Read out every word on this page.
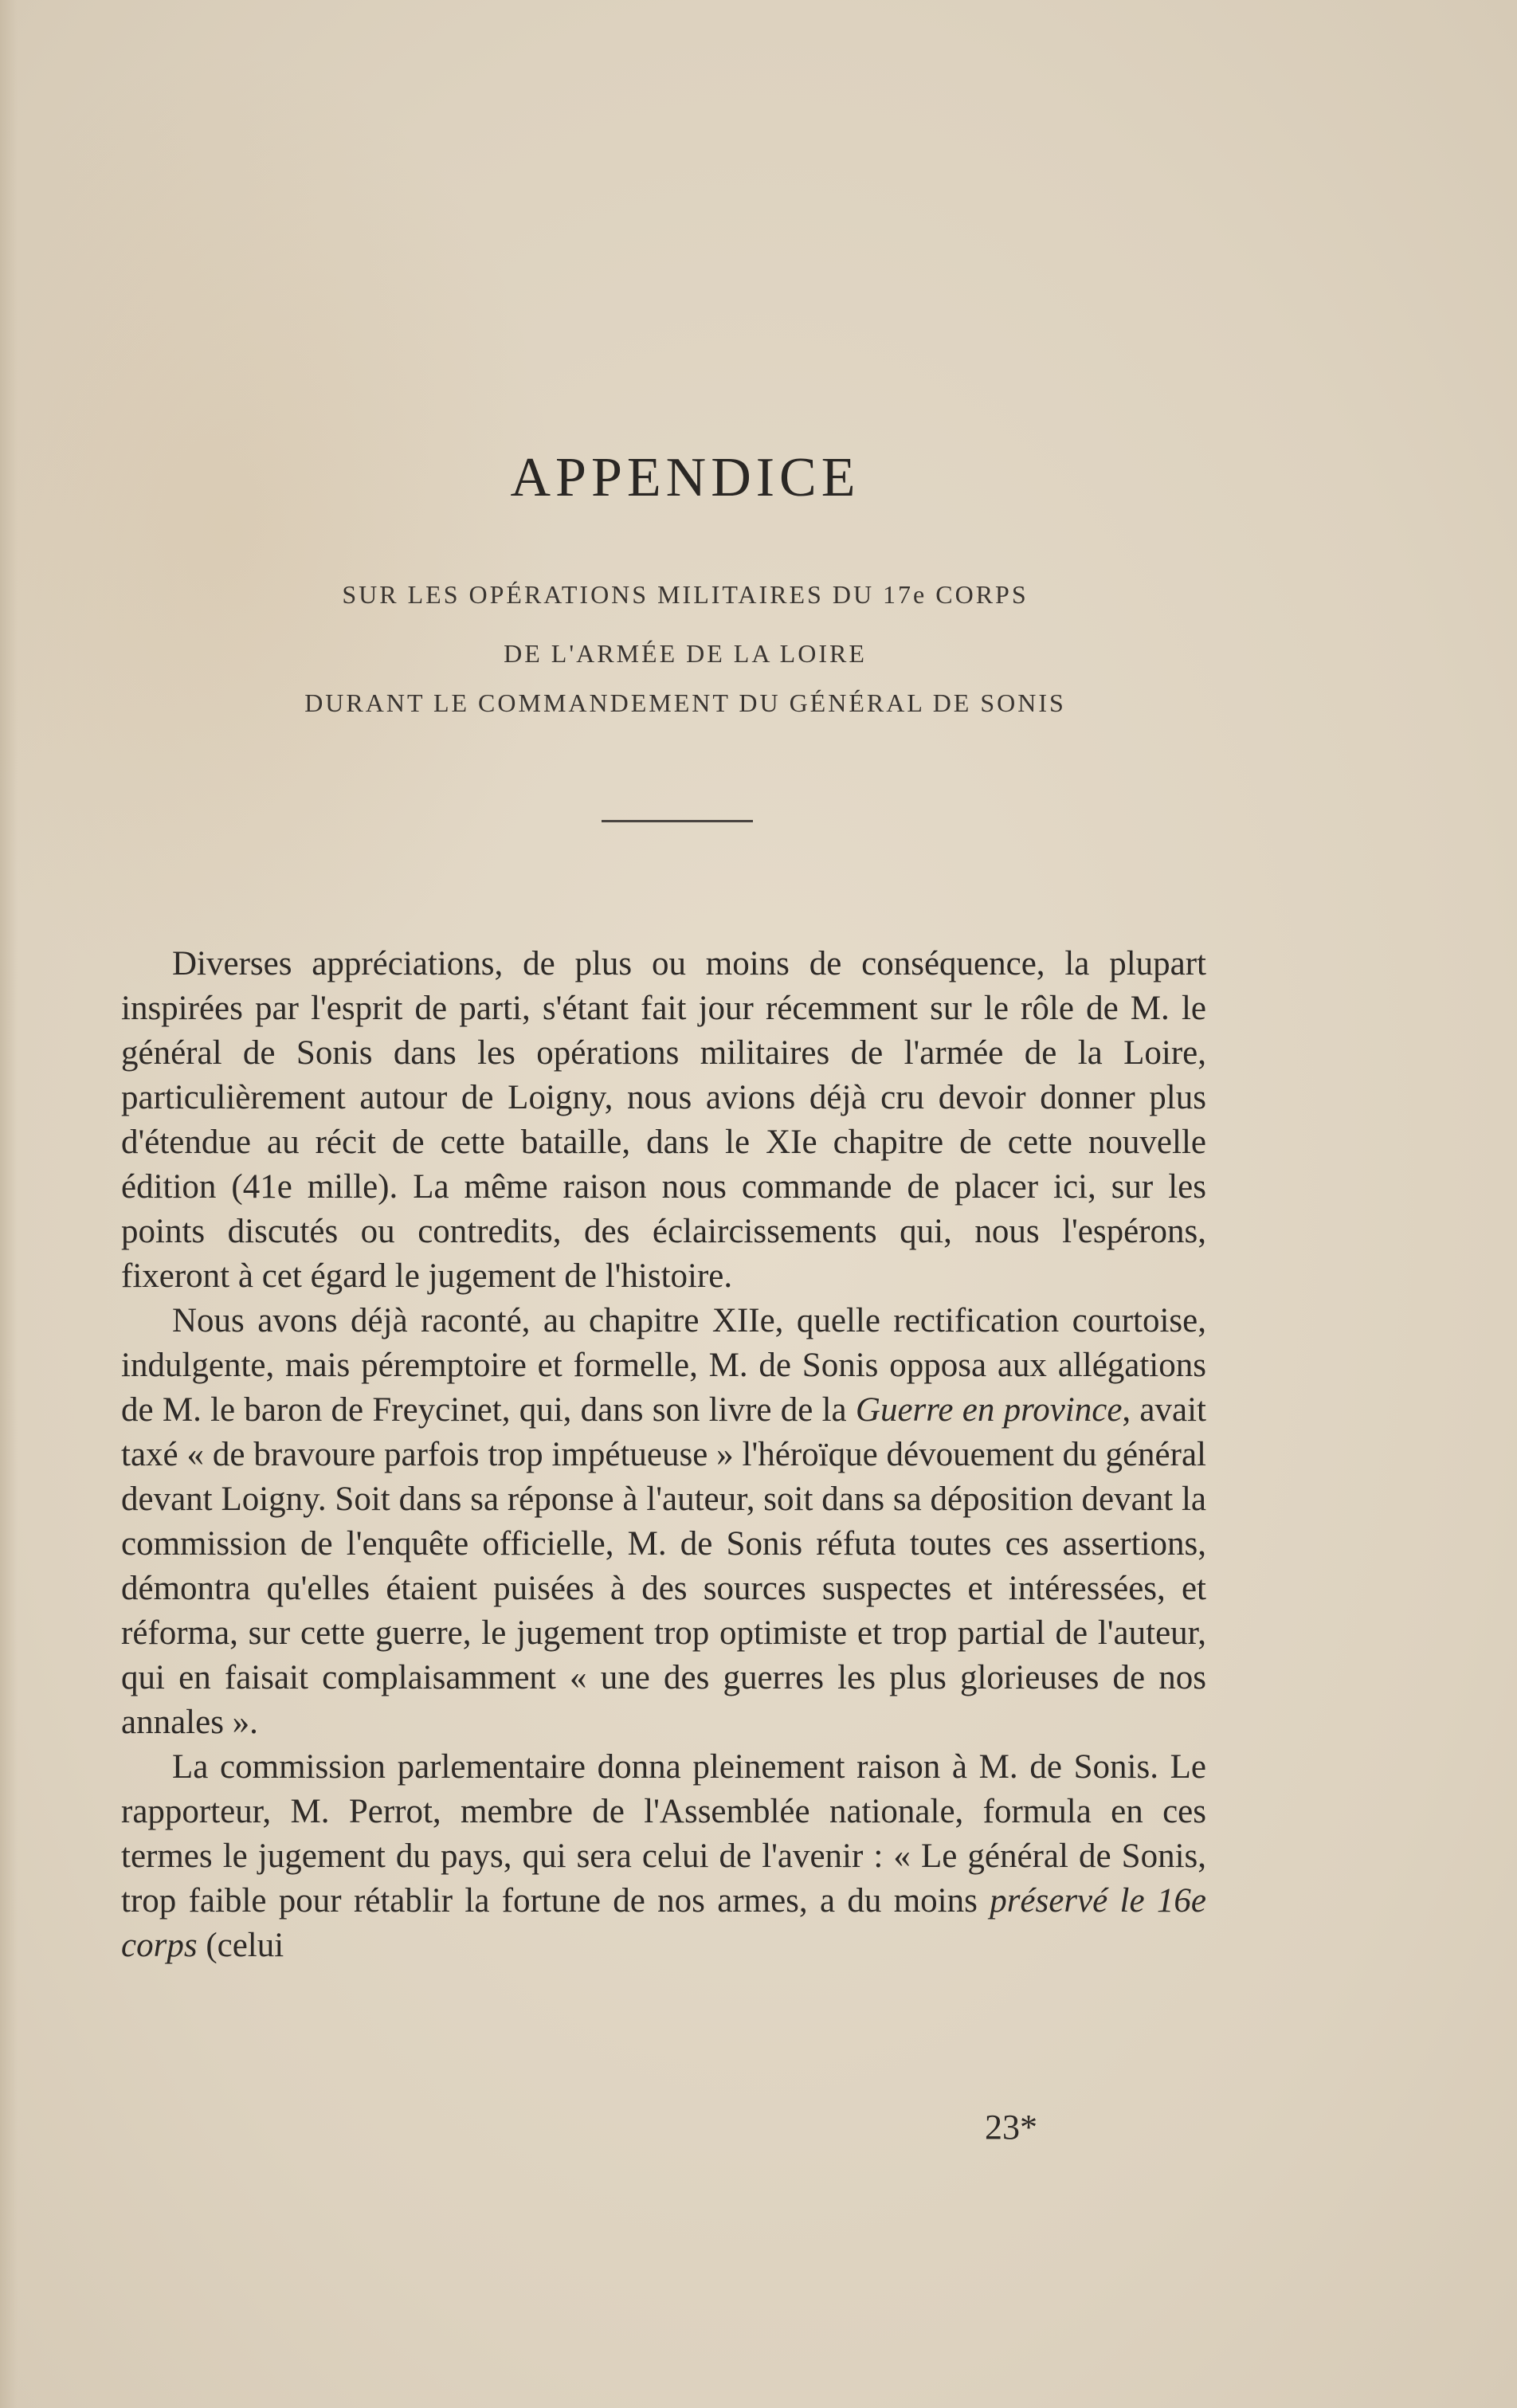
APPENDICE
SUR LES OPÉRATIONS MILITAIRES DU 17e CORPS
DE L'ARMÉE DE LA LOIRE
DURANT LE COMMANDEMENT DU GÉNÉRAL DE SONIS

Diverses appréciations, de plus ou moins de conséquence, la plupart inspirées par l'esprit de parti, s'étant fait jour récemment sur le rôle de M. le général de Sonis dans les opérations militaires de l'armée de la Loire, particulièrement autour de Loigny, nous avions déjà cru devoir donner plus d'étendue au récit de cette bataille, dans le XIe chapitre de cette nouvelle édition (41e mille). La même raison nous commande de placer ici, sur les points discutés ou contredits, des éclaircissements qui, nous l'espérons, fixeront à cet égard le jugement de l'histoire.

Nous avons déjà raconté, au chapitre XIIe, quelle rectification courtoise, indulgente, mais péremptoire et formelle, M. de Sonis opposa aux allégations de M. le baron de Freycinet, qui, dans son livre de la Guerre en province, avait taxé « de bravoure parfois trop impétueuse » l'héroïque dévouement du général devant Loigny. Soit dans sa réponse à l'auteur, soit dans sa déposition devant la commission de l'enquête officielle, M. de Sonis réfuta toutes ces assertions, démontra qu'elles étaient puisées à des sources suspectes et intéressées, et réforma, sur cette guerre, le jugement trop optimiste et trop partial de l'auteur, qui en faisait complaisamment « une des guerres les plus glorieuses de nos annales ».

La commission parlementaire donna pleinement raison à M. de Sonis. Le rapporteur, M. Perrot, membre de l'Assemblée nationale, formula en ces termes le jugement du pays, qui sera celui de l'avenir : « Le général de Sonis, trop faible pour rétablir la fortune de nos armes, a du moins préservé le 16e corps (celui

23*
